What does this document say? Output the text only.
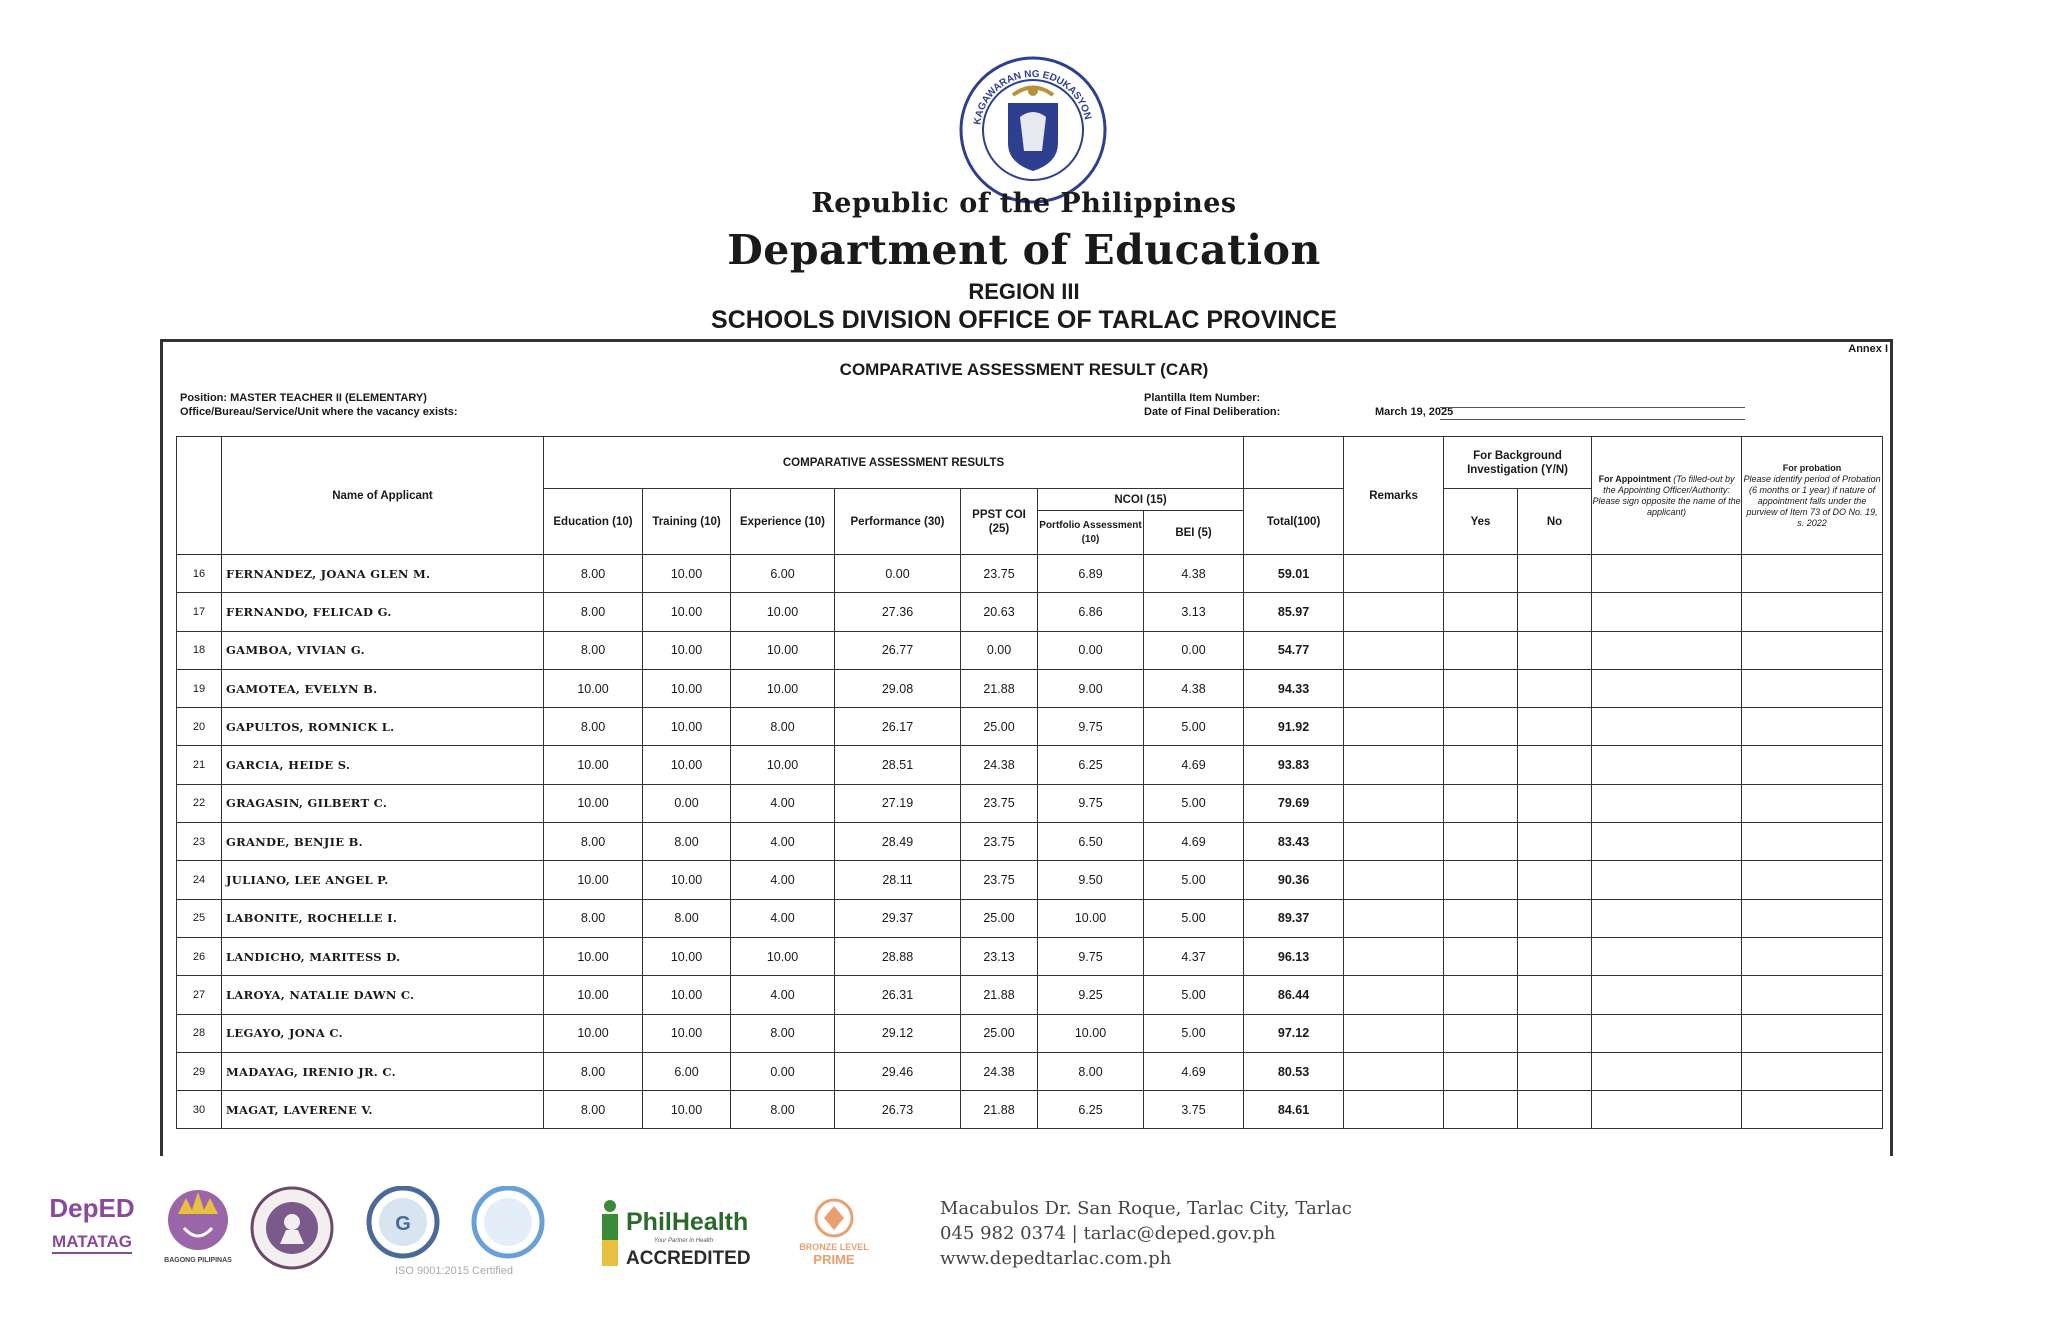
KAGAWARAN NG EDUKASYON
Republic of the Philippines
Department of Education
REGION III
SCHOOLS DIVISION OFFICE OF TARLAC PROVINCE
Annex I
COMPARATIVE ASSESSMENT RESULT (CAR)
Position: MASTER TEACHER II (ELEMENTARY)
Office/Bureau/Service/Unit where the vacancy exists:
Plantilla Item Number:
Date of Final Deliberation:	March 19, 2025
	Name of Applicant	COMPARATIVE ASSESSMENT RESULTS								Remarks	For Background Investigation (Y/N)		For Appointment (To filled-out by the Appointing Officer/Authority: Please sign opposite the name of the applicant)	For probation
Please identify period of Probation (6 months or 1 year) if nature of appointment falls under the purview of Item 73 of DO No. 19, s. 2022
		Education (10)	Training (10)	Experience (10)	Performance (30)	PPST COI (25)	NCOI (15)		Total(100)		Yes	No		
							Portfolio Assessment (10)	BEI (5)						
16	FERNANDEZ, JOANA GLEN M.	8.00	10.00	6.00	0.00	23.75	6.89	4.38	59.01					
17	FERNANDO, FELICAD G.	8.00	10.00	10.00	27.36	20.63	6.86	3.13	85.97					
18	GAMBOA, VIVIAN G.	8.00	10.00	10.00	26.77	0.00	0.00	0.00	54.77					
19	GAMOTEA, EVELYN B.	10.00	10.00	10.00	29.08	21.88	9.00	4.38	94.33					
20	GAPULTOS, ROMNICK L.	8.00	10.00	8.00	26.17	25.00	9.75	5.00	91.92					
21	GARCIA, HEIDE S.	10.00	10.00	10.00	28.51	24.38	6.25	4.69	93.83					
22	GRAGASIN, GILBERT C.	10.00	0.00	4.00	27.19	23.75	9.75	5.00	79.69					
23	GRANDE, BENJIE B.	8.00	8.00	4.00	28.49	23.75	6.50	4.69	83.43					
24	JULIANO, LEE ANGEL P.	10.00	10.00	4.00	28.11	23.75	9.50	5.00	90.36					
25	LABONITE, ROCHELLE I.	8.00	8.00	4.00	29.37	25.00	10.00	5.00	89.37					
26	LANDICHO, MARITESS D.	10.00	10.00	10.00	28.88	23.13	9.75	4.37	96.13					
27	LAROYA, NATALIE DAWN C.	10.00	10.00	4.00	26.31	21.88	9.25	5.00	86.44					
28	LEGAYO, JONA C.	10.00	10.00	8.00	29.12	25.00	10.00	5.00	97.12					
29	MADAYAG, IRENIO JR. C.	8.00	6.00	0.00	29.46	24.38	8.00	4.69	80.53					
30	MAGAT, LAVERENE V.	8.00	10.00	8.00	26.73	21.88	6.25	3.75	84.61					
DepED
MATATAG
BAGONG PILIPINAS
G
ISO 9001:2015 Certified
PhilHealth
Your Partner in Health
ACCREDITED
BRONZE LEVEL
PRIME
Macabulos Dr. San Roque, Tarlac City, Tarlac
045 982 0374 | tarlac@deped.gov.ph
www.depedtarlac.com.ph
